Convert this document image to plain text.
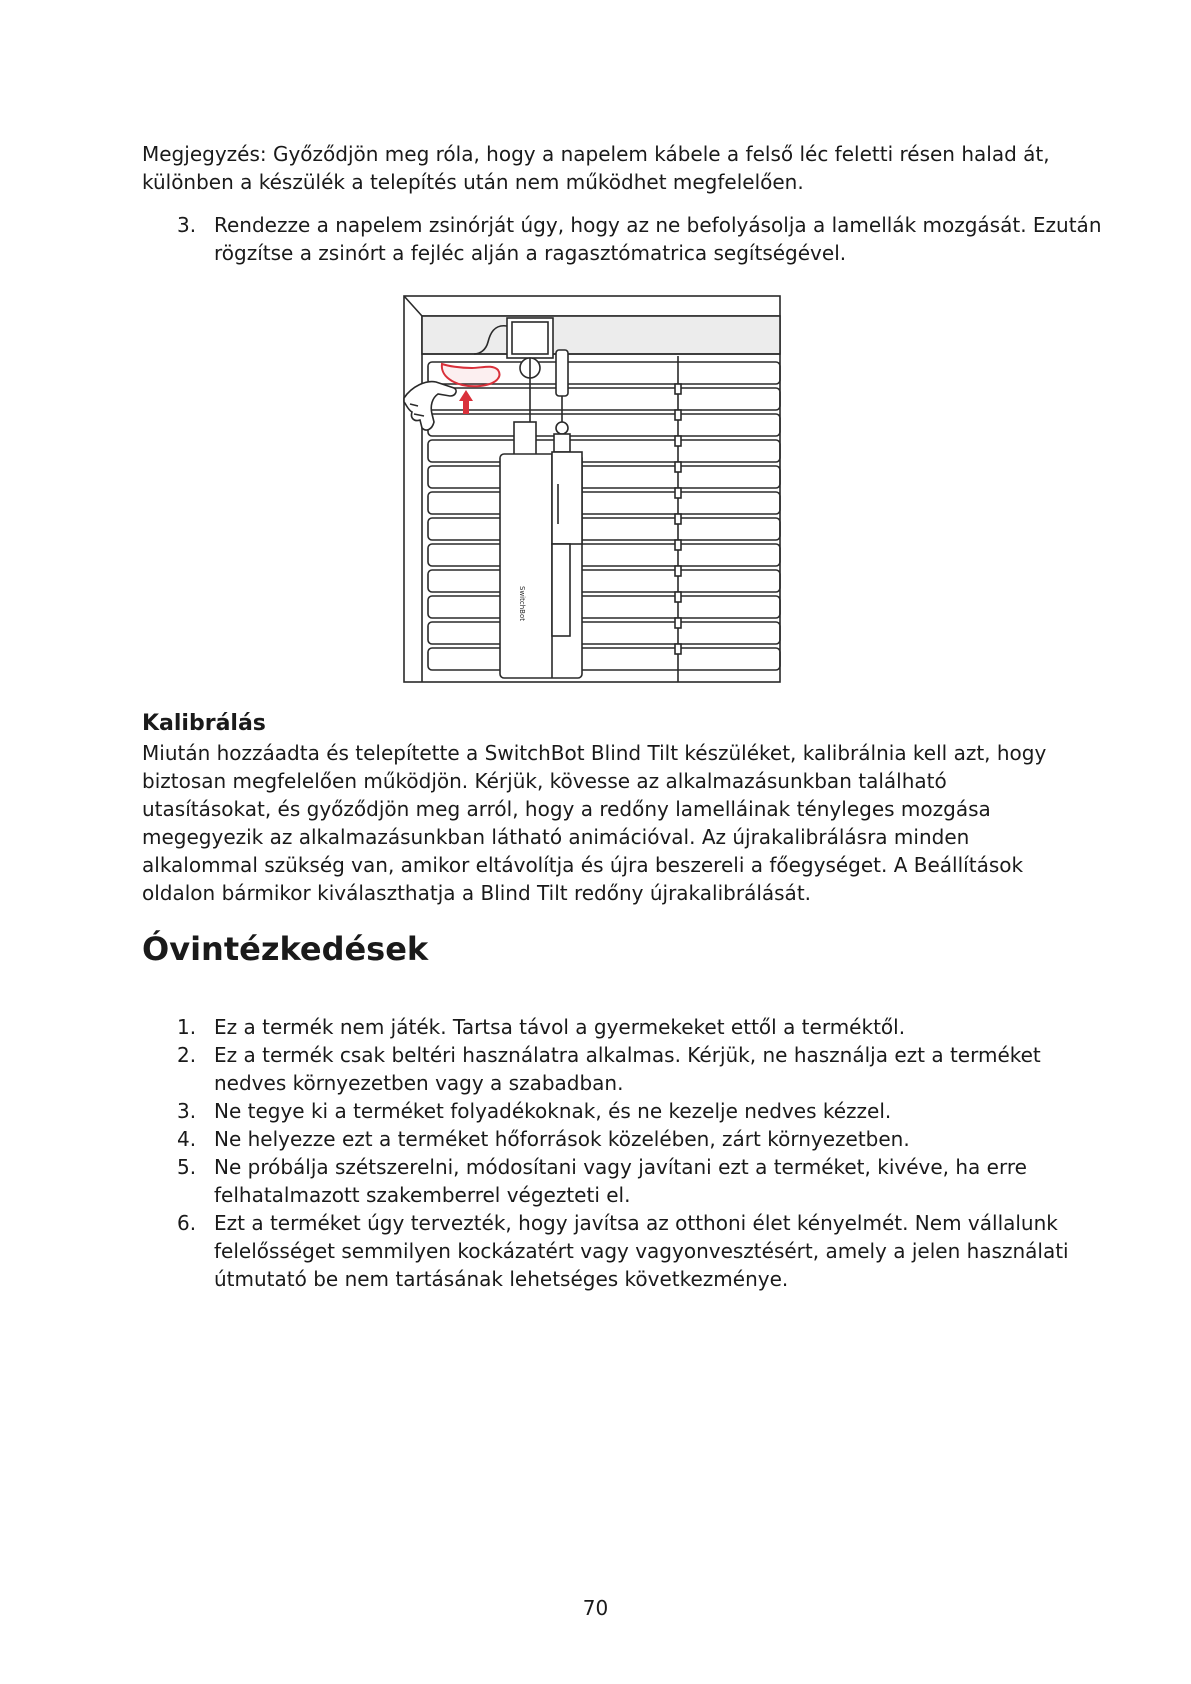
Megjegyzés: Győződjön meg róla, hogy a napelem kábele a felső léc feletti résen halad át, különben a készülék a telepítés után nem működhet megfelelően.

3. Rendezze a napelem zsinórját úgy, hogy az ne befolyásolja a lamellák mozgását. Ezután rögzítse a zsinórt a fejléc alján a ragasztómatrica segítségével.
SwitchBot
Kalibrálás

Miután hozzáadta és telepítette a SwitchBot Blind Tilt készüléket, kalibrálnia kell azt, hogy biztosan megfelelően működjön. Kérjük, kövesse az alkalmazásunkban található utasításokat, és győződjön meg arról, hogy a redőny lamelláinak tényleges mozgása megegyezik az alkalmazásunkban látható animációval. Az újrakalibrálásra minden alkalommal szükség van, amikor eltávolítja és újra beszereli a főegységet. A Beállítások oldalon bármikor kiválaszthatja a Blind Tilt redőny újrakalibrálását.

Óvintézkedések
1. Ez a termék nem játék. Tartsa távol a gyermekeket ettől a terméktől.
2. Ez a termék csak beltéri használatra alkalmas. Kérjük, ne használja ezt a terméket nedves környezetben vagy a szabadban.
3. Ne tegye ki a terméket folyadékoknak, és ne kezelje nedves kézzel.
4. Ne helyezze ezt a terméket hőforrások közelében, zárt környezetben.
5. Ne próbálja szétszerelni, módosítani vagy javítani ezt a terméket, kivéve, ha erre felhatalmazott szakemberrel végezteti el.
6. Ezt a terméket úgy tervezték, hogy javítsa az otthoni élet kényelmét. Nem vállalunk felelősséget semmilyen kockázatért vagy vagyonvesztésért, amely a jelen használati útmutató be nem tartásának lehetséges következménye.
70
